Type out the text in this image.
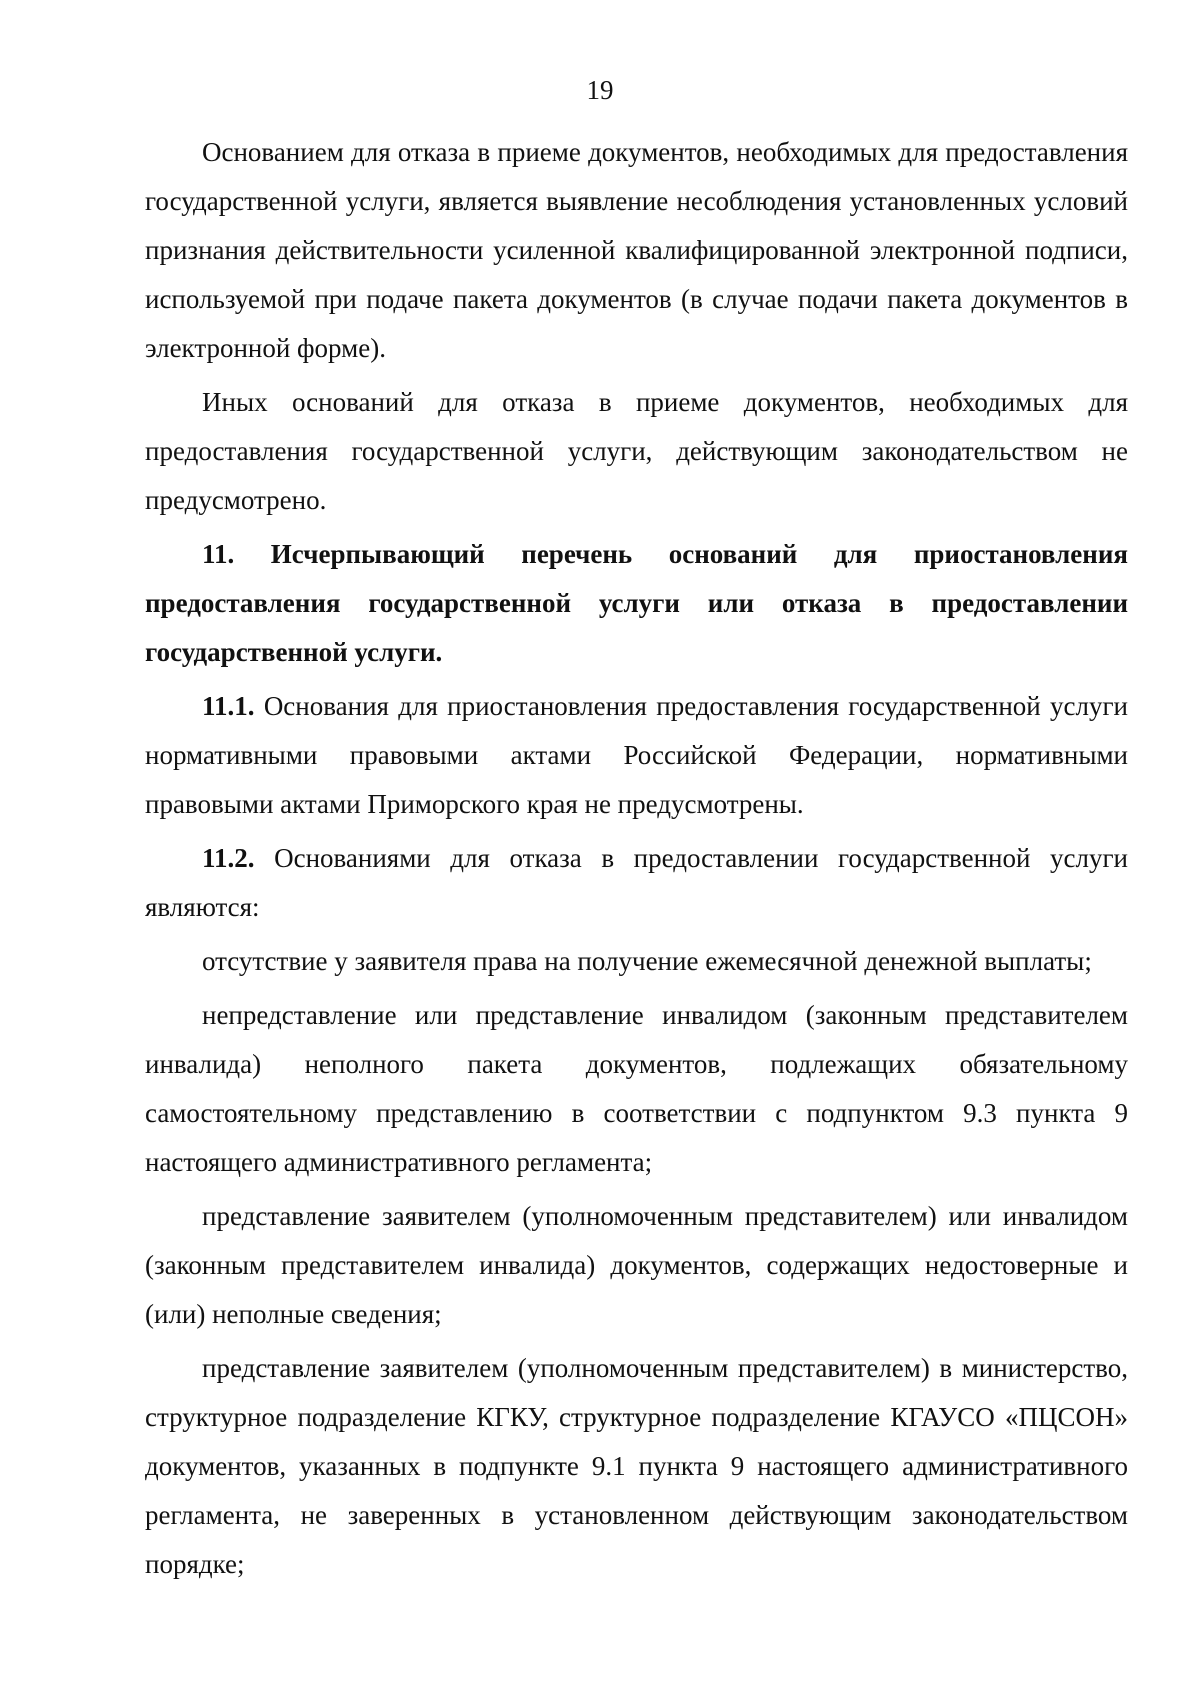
19

Основанием для отказа в приеме документов, необходимых для предоставления государственной услуги, является выявление несоблюдения установленных условий признания действительности усиленной квалифицированной электронной подписи, используемой при подаче пакета документов (в случае подачи пакета документов в электронной форме).

Иных оснований для отказа в приеме документов, необходимых для предоставления государственной услуги, действующим законодательством не предусмотрено.

11. Исчерпывающий перечень оснований для приостановления предоставления государственной услуги или отказа в предоставлении государственной услуги.

11.1. Основания для приостановления предоставления государственной услуги нормативными правовыми актами Российской Федерации, нормативными правовыми актами Приморского края не предусмотрены.

11.2. Основаниями для отказа в предоставлении государственной услуги являются:

отсутствие у заявителя права на получение ежемесячной денежной выплаты;

непредставление или представление инвалидом (законным представителем инвалида) неполного пакета документов, подлежащих обязательному самостоятельному представлению в соответствии с подпунктом 9.3 пункта 9 настоящего административного регламента;

представление заявителем (уполномоченным представителем) или инвалидом (законным представителем инвалида) документов, содержащих недостоверные и (или) неполные сведения;

представление заявителем (уполномоченным представителем) в министерство, структурное подразделение КГКУ, структурное подразделение КГАУСО «ПЦСОН» документов, указанных в подпункте 9.1 пункта 9 настоящего административного регламента, не заверенных в установленном действующим законодательством порядке;
